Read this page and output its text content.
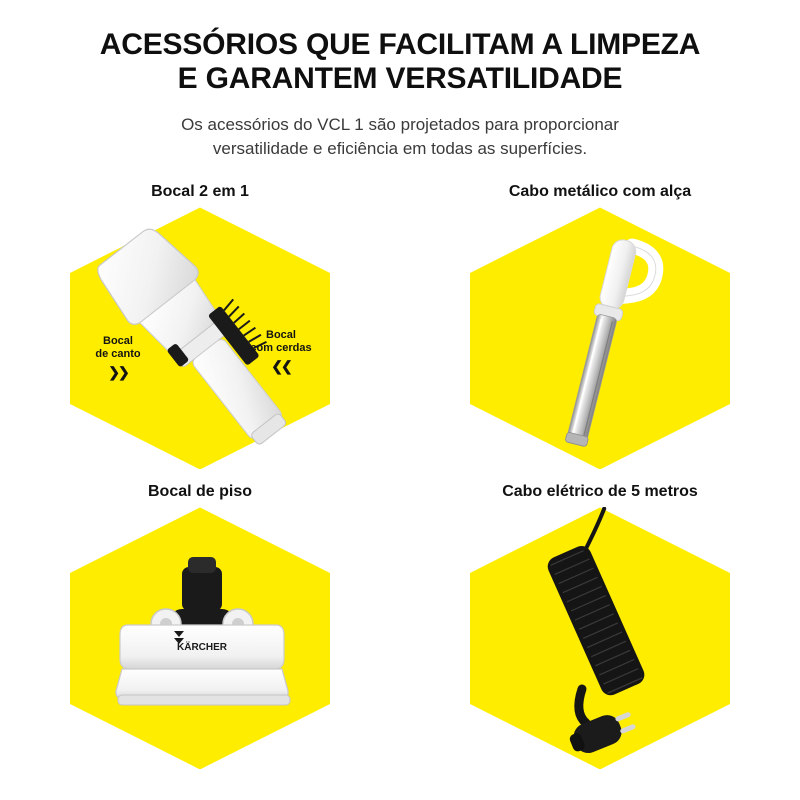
ACESSÓRIOS QUE FACILITAM A LIMPEZA
E GARANTEM VERSATILIDADE

Os acessórios do VCL 1 são projetados para proporcionar
versatilidade e eficiência em todas as superfícies.

Bocal 2 em 1
Bocal
de canto
❯❯
Bocal
com cerdas
❮❮
Cabo metálico com alça
Bocal de piso
KÄRCHER
Cabo elétrico de 5 metros
